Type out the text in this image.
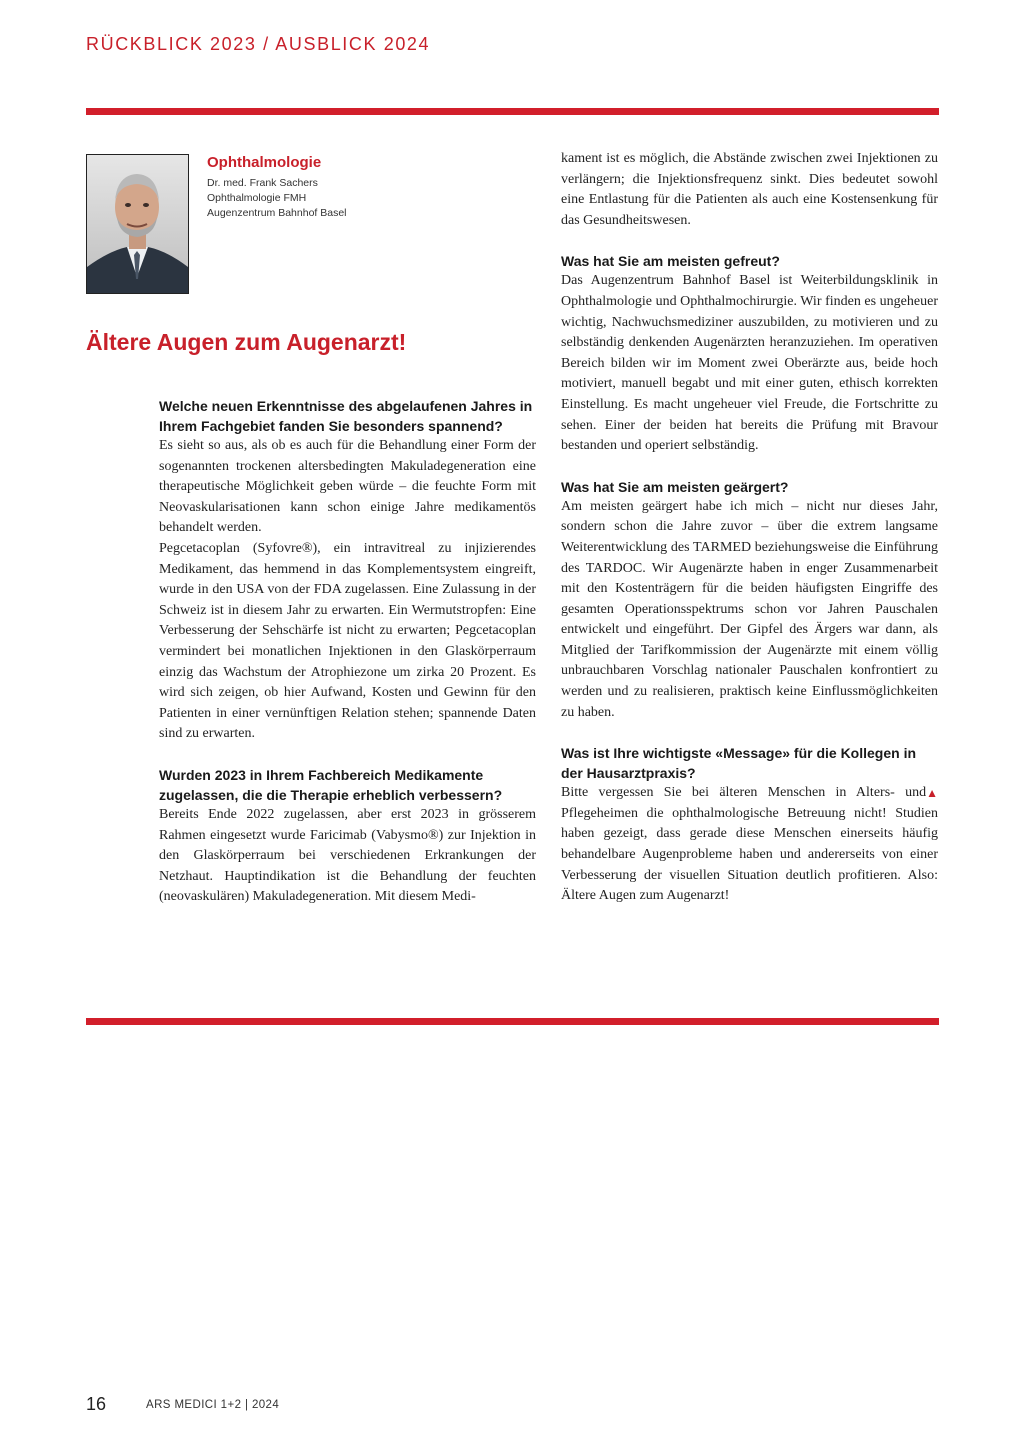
RÜCKBLICK 2023 / AUSBLICK 2024
Ophthalmologie
Dr. med. Frank Sachers
Ophthalmologie FMH
Augenzentrum Bahnhof Basel
Ältere Augen zum Augenarzt!
Welche neuen Erkenntnisse des abgelaufenen Jahres in Ihrem Fachgebiet fanden Sie besonders spannend?

Es sieht so aus, als ob es auch für die Behandlung einer Form der sogenannten trockenen altersbedingten Makuladegeneration eine therapeutische Möglichkeit geben würde – die feuchte Form mit Neovaskularisationen kann schon einige Jahre medikamentös behandelt werden.

Pegcetacoplan (Syfovre®), ein intravitreal zu injizierendes Medikament, das hemmend in das Komplementsystem eingreift, wurde in den USA von der FDA zugelassen. Eine Zulassung in der Schweiz ist in diesem Jahr zu erwarten. Ein Wermutstropfen: Eine Verbesserung der Sehschärfe ist nicht zu erwarten; Pegcetacoplan vermindert bei monatlichen Injektionen in den Glaskörperraum einzig das Wachstum der Atrophiezone um zirka 20 Prozent. Es wird sich zeigen, ob hier Aufwand, Kosten und Gewinn für den Patienten in einer vernünftigen Relation stehen; spannende Daten sind zu erwarten.

Wurden 2023 in Ihrem Fachbereich Medikamente zugelassen, die die Therapie erheblich verbessern?

Bereits Ende 2022 zugelassen, aber erst 2023 in grösserem Rahmen eingesetzt wurde Faricimab (Vabysmo®) zur Injektion in den Glaskörperraum bei verschiedenen Erkrankungen der Netzhaut. Hauptindikation ist die Behandlung der feuchten (neovaskulären) Makuladegeneration. Mit diesem Medi-

kament ist es möglich, die Abstände zwischen zwei Injektionen zu verlängern; die Injektionsfrequenz sinkt. Dies bedeutet sowohl eine Entlastung für die Patienten als auch eine Kostensenkung für das Gesundheitswesen.

Was hat Sie am meisten gefreut?

Das Augenzentrum Bahnhof Basel ist Weiterbildungsklinik in Ophthalmologie und Ophthalmochirurgie. Wir finden es ungeheuer wichtig, Nachwuchsmediziner auszubilden, zu motivieren und zu selbständig denkenden Augenärzten heranzuziehen. Im operativen Bereich bilden wir im Moment zwei Oberärzte aus, beide hoch motiviert, manuell begabt und mit einer guten, ethisch korrekten Einstellung. Es macht ungeheuer viel Freude, die Fortschritte zu sehen. Einer der beiden hat bereits die Prüfung mit Bravour bestanden und operiert selbständig.

Was hat Sie am meisten geärgert?

Am meisten geärgert habe ich mich – nicht nur dieses Jahr, sondern schon die Jahre zuvor – über die extrem langsame Weiterentwicklung des TARMED beziehungsweise die Einführung des TARDOC. Wir Augenärzte haben in enger Zusammenarbeit mit den Kostenträgern für die beiden häufigsten Eingriffe des gesamten Operationsspektrums schon vor Jahren Pauschalen entwickelt und eingeführt. Der Gipfel des Ärgers war dann, als Mitglied der Tarifkommission der Augenärzte mit einem völlig unbrauchbaren Vorschlag nationaler Pauschalen konfrontiert zu werden und zu realisieren, praktisch keine Einflussmöglichkeiten zu haben.

Was ist Ihre wichtigste «Message» für die Kollegen in der Hausarztpraxis?

▲
Bitte vergessen Sie bei älteren Menschen in Alters- und Pflegeheimen die ophthalmologische Betreuung nicht! Studien haben gezeigt, dass gerade diese Menschen einerseits häufig behandelbare Augenprobleme haben und andererseits von einer Verbesserung der visuellen Situation deutlich profitieren. Also: Ältere Augen zum Augenarzt!

16	ARS MEDICI 1+2 | 2024
